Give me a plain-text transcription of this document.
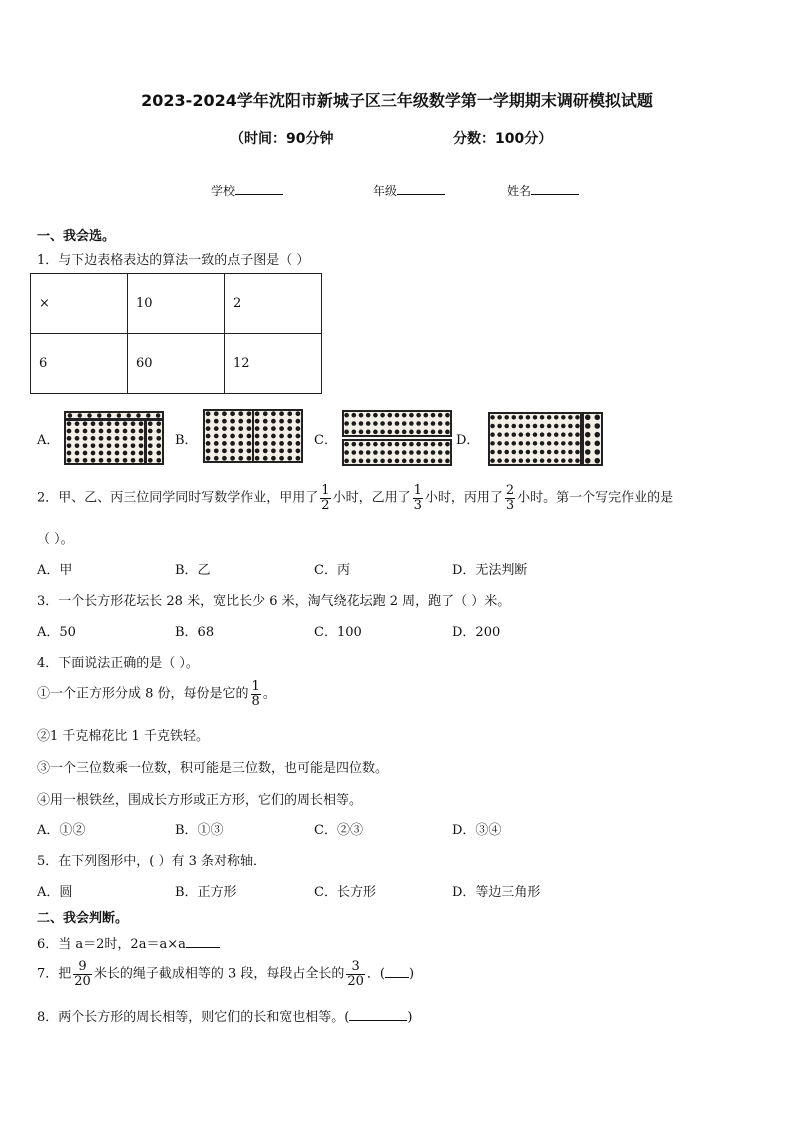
2023-2024学年沈阳市新城子区三年级数学第一学期期末调研模拟试题
（时间：90分钟	分数：100分）
学校	年级	姓名
一、我会选。
1．与下边表格表达的算法一致的点子图是（ ）
×	10	2
6	60	12
A．	B．	C．	D．
2．甲、乙、丙三位同学同时写数学作业，甲用了 $\frac{1}{2}$ 小时，乙用了 $\frac{1}{3}$ 小时，丙用了 $\frac{2}{3}$ 小时。第一个写完作业的是
（ ）。
A．甲	B．乙	C．丙	D．无法判断
3．一个长方形花坛长 28 米，宽比长少 6 米，淘气绕花坛跑 2 周，跑了（ ）米。
A．50	B．68	C．100	D．200
4．下面说法正确的是（ ）。
①一个正方形分成 8 份，每份是它的 $\frac{1}{8}$ 。
②1 千克棉花比 1 千克铁轻。
③一个三位数乘一位数，积可能是三位数，也可能是四位数。
④用一根铁丝，围成长方形或正方形，它们的周长相等。
A．①②	B．①③	C．②③	D．③④
5．在下列图形中，( ）有 3 条对称轴．
A．圆	B．正方形	C．长方形	D．等边三角形
二、我会判断。
6．当 a＝2时，2a＝a×a
7．把 $\frac{9}{20}$ 米长的绳子截成相等的 3 段，每段占全长的 $\frac{3}{20}$ ．( )
8．两个长方形的周长相等，则它们的长和宽也相等。(	)
